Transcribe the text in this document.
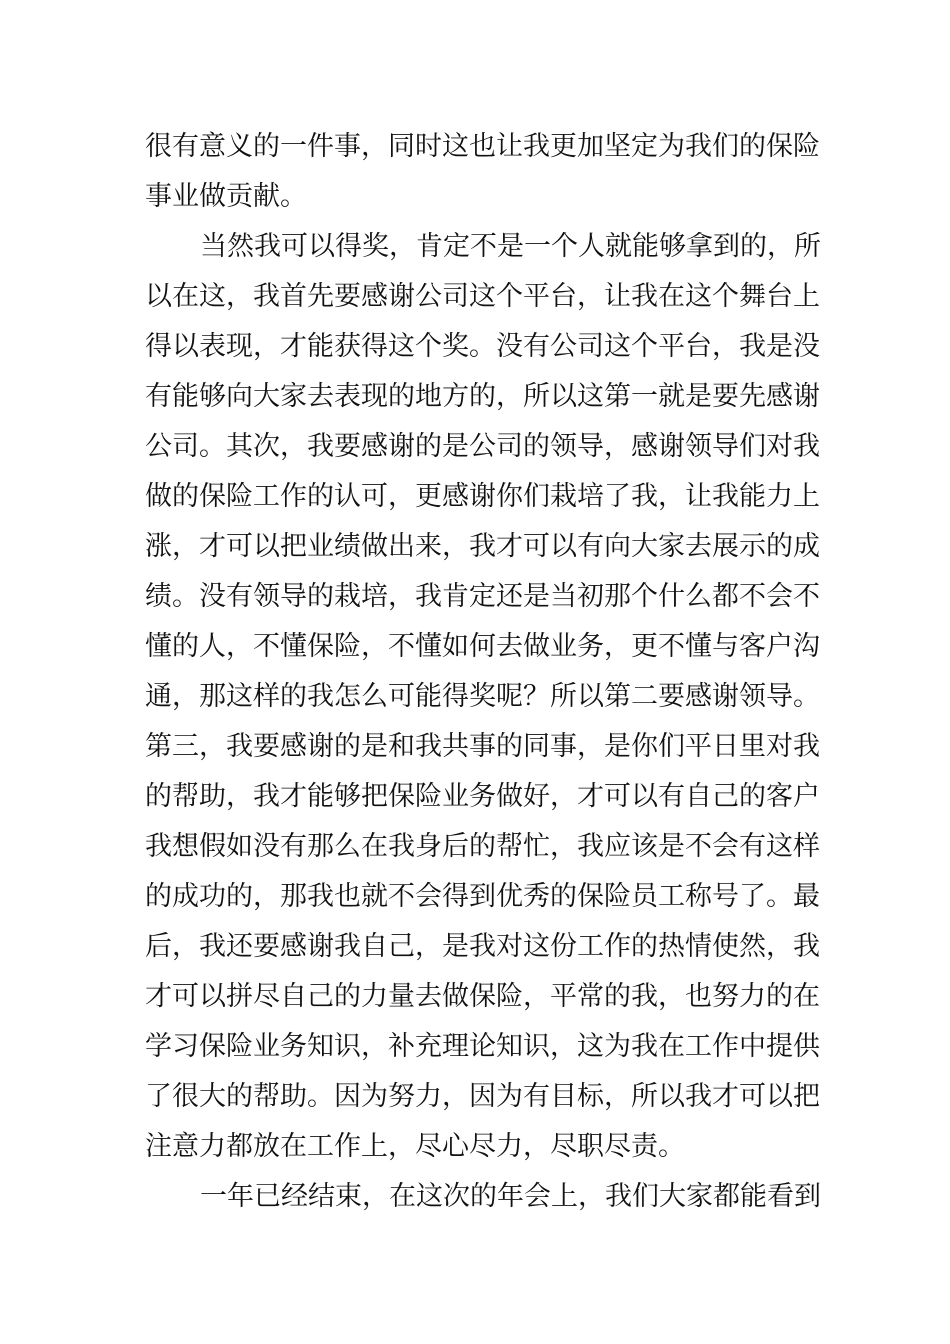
很有意义的一件事，同时这也让我更加坚定为我们的保险
事业做贡献。
当然我可以得奖，肯定不是一个人就能够拿到的，所
以在这，我首先要感谢公司这个平台，让我在这个舞台上
得以表现，才能获得这个奖。没有公司这个平台，我是没
有能够向大家去表现的地方的，所以这第一就是要先感谢
公司。其次，我要感谢的是公司的领导，感谢领导们对我
做的保险工作的认可，更感谢你们栽培了我，让我能力上
涨，才可以把业绩做出来，我才可以有向大家去展示的成
绩。没有领导的栽培，我肯定还是当初那个什么都不会不
懂的人，不懂保险，不懂如何去做业务，更不懂与客户沟
通，那这样的我怎么可能得奖呢？所以第二要感谢领导。
第三，我要感谢的是和我共事的同事，是你们平日里对我
的帮助，我才能够把保险业务做好，才可以有自己的客户
我想假如没有那么在我身后的帮忙，我应该是不会有这样
的成功的，那我也就不会得到优秀的保险员工称号了。最
后，我还要感谢我自己，是我对这份工作的热情使然，我
才可以拼尽自己的力量去做保险，平常的我，也努力的在
学习保险业务知识，补充理论知识，这为我在工作中提供
了很大的帮助。因为努力，因为有目标，所以我才可以把
注意力都放在工作上，尽心尽力，尽职尽责。
一年已经结束，在这次的年会上，我们大家都能看到
